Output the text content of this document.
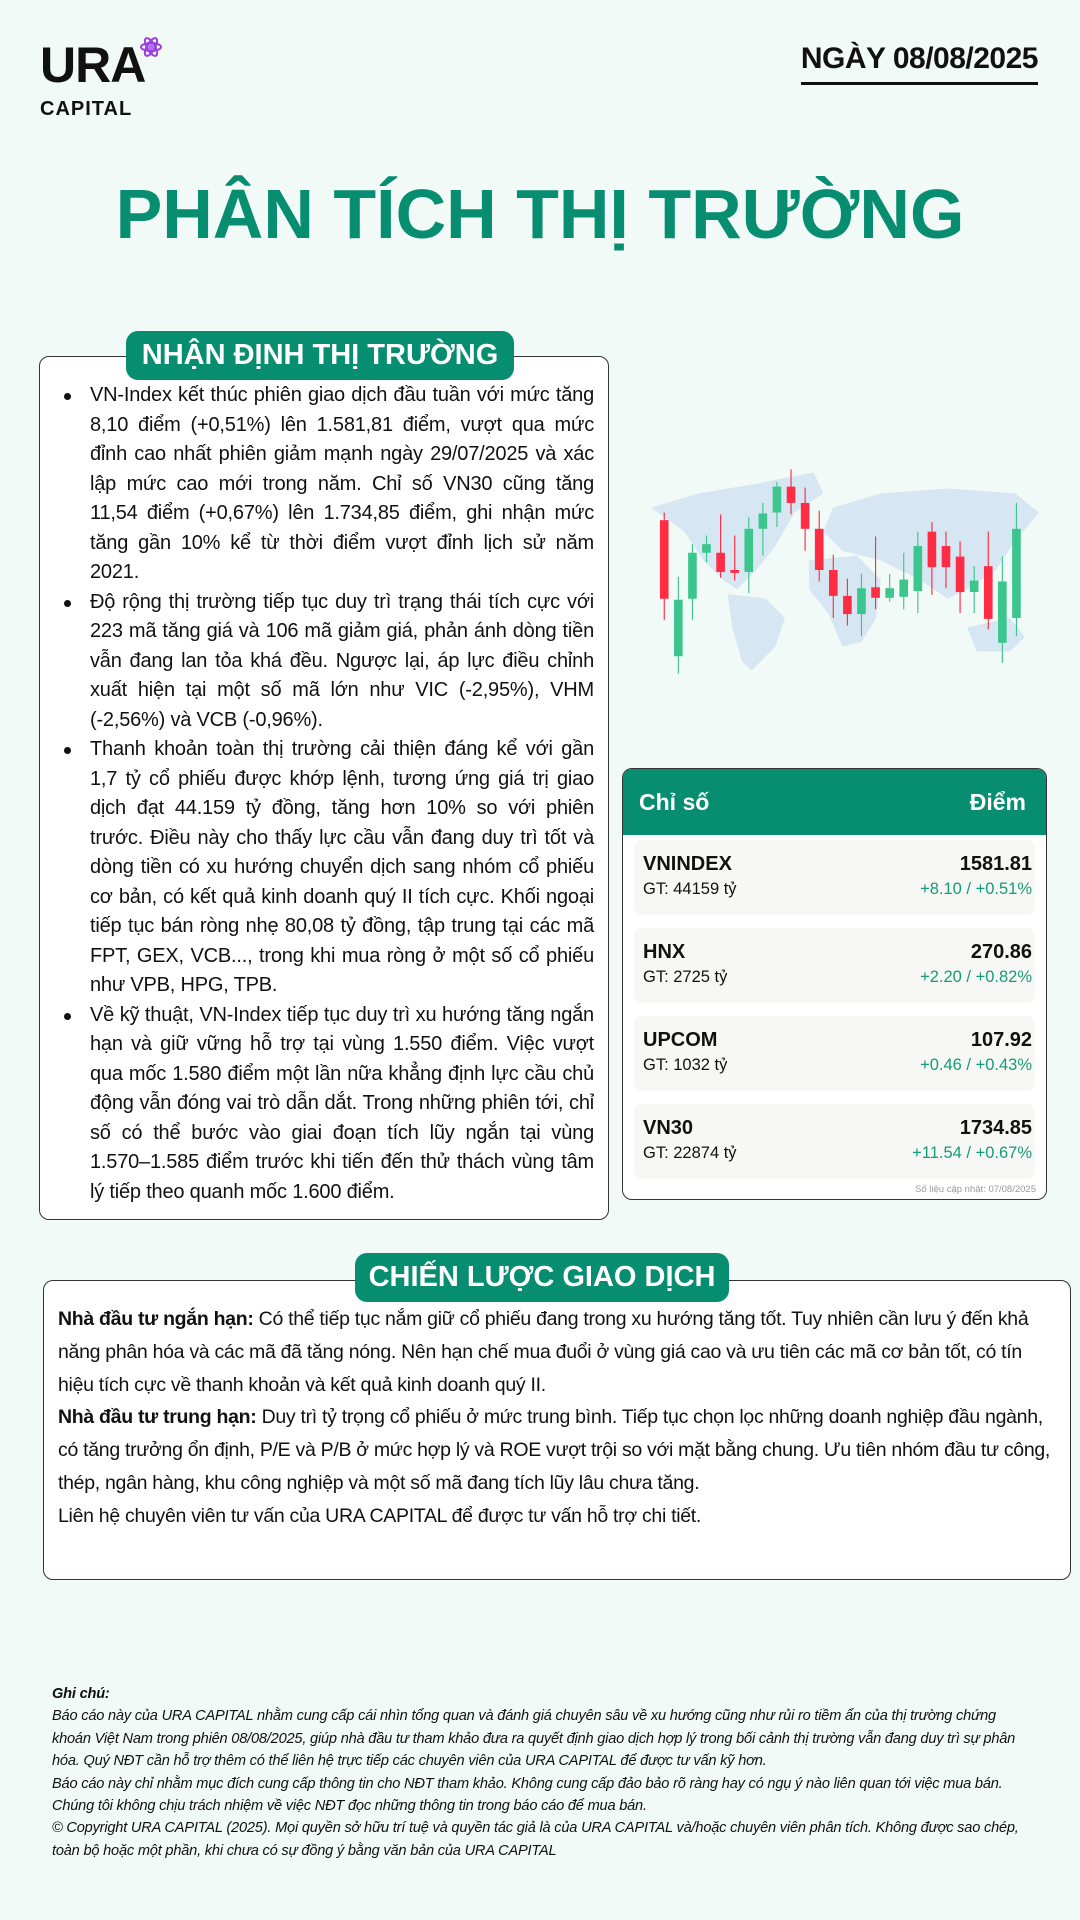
URA
CAPITAL
NGÀY 08/08/2025
PHÂN TÍCH THỊ TRƯỜNG
VN-Index kết thúc phiên giao dịch đầu tuần với mức tăng 8,10 điểm (+0,51%) lên 1.581,81 điểm, vượt qua mức đỉnh cao nhất phiên giảm mạnh ngày 29/07/2025 và xác lập mức cao mới trong năm. Chỉ số VN30 cũng tăng 11,54 điểm (+0,67%) lên 1.734,85 điểm, ghi nhận mức tăng gần 10% kể từ thời điểm vượt đỉnh lịch sử năm 2021.
Độ rộng thị trường tiếp tục duy trì trạng thái tích cực với 223 mã tăng giá và 106 mã giảm giá, phản ánh dòng tiền vẫn đang lan tỏa khá đều. Ngược lại, áp lực điều chỉnh xuất hiện tại một số mã lớn như VIC (-2,95%), VHM (-2,56%) và VCB (-0,96%).
Thanh khoản toàn thị trường cải thiện đáng kể với gần 1,7 tỷ cổ phiếu được khớp lệnh, tương ứng giá trị giao dịch đạt 44.159 tỷ đồng, tăng hơn 10% so với phiên trước. Điều này cho thấy lực cầu vẫn đang duy trì tốt và dòng tiền có xu hướng chuyển dịch sang nhóm cổ phiếu cơ bản, có kết quả kinh doanh quý II tích cực. Khối ngoại tiếp tục bán ròng nhẹ 80,08 tỷ đồng, tập trung tại các mã FPT, GEX, VCB..., trong khi mua ròng ở một số cổ phiếu như VPB, HPG, TPB.
Về kỹ thuật, VN-Index tiếp tục duy trì xu hướng tăng ngắn hạn và giữ vững hỗ trợ tại vùng 1.550 điểm. Việc vượt qua mốc 1.580 điểm một lần nữa khẳng định lực cầu chủ động vẫn đóng vai trò dẫn dắt. Trong những phiên tới, chỉ số có thể bước vào giai đoạn tích lũy ngắn tại vùng 1.570–1.585 điểm trước khi tiến đến thử thách vùng tâm lý tiếp theo quanh mốc 1.600 điểm.
NHẬN ĐỊNH THỊ TRƯỜNG
Chỉ số	Điểm
VNINDEX
GT: 44159 tỷ
1581.81
+8.10 / +0.51%
HNX
GT: 2725 tỷ
270.86
+2.20 / +0.82%
UPCOM
GT: 1032 tỷ
107.92
+0.46 / +0.43%
VN30
GT: 22874 tỷ
1734.85
+11.54 / +0.67%
Số liệu cập nhật: 07/08/2025
Nhà đầu tư ngắn hạn: Có thể tiếp tục nắm giữ cổ phiếu đang trong xu hướng tăng tốt. Tuy nhiên cần lưu ý đến khả năng phân hóa và các mã đã tăng nóng. Nên hạn chế mua đuổi ở vùng giá cao và ưu tiên các mã cơ bản tốt, có tín hiệu tích cực về thanh khoản và kết quả kinh doanh quý II.
Nhà đầu tư trung hạn: Duy trì tỷ trọng cổ phiếu ở mức trung bình. Tiếp tục chọn lọc những doanh nghiệp đầu ngành, có tăng trưởng ổn định, P/E và P/B ở mức hợp lý và ROE vượt trội so với mặt bằng chung. Ưu tiên nhóm đầu tư công, thép, ngân hàng, khu công nghiệp và một số mã đang tích lũy lâu chưa tăng.
Liên hệ chuyên viên tư vấn của URA CAPITAL để được tư vấn hỗ trợ chi tiết.
CHIẾN LƯỢC GIAO DỊCH
Ghi chú:
Báo cáo này của URA CAPITAL nhằm cung cấp cái nhìn tổng quan và đánh giá chuyên sâu về xu hướng cũng như rủi ro tiềm ẩn của thị trường chứng khoán Việt Nam trong phiên 08/08/2025, giúp nhà đầu tư tham khảo đưa ra quyết định giao dịch hợp lý trong bối cảnh thị trường vẫn đang duy trì sự phân hóa. Quý NĐT cần hỗ trợ thêm có thể liên hệ trực tiếp các chuyên viên của URA CAPITAL để được tư vấn kỹ hơn.
Báo cáo này chỉ nhằm mục đích cung cấp thông tin cho NĐT tham khảo. Không cung cấp đảo bảo rõ ràng hay có ngụ ý nào liên quan tới việc mua bán. Chúng tôi không chịu trách nhiệm về việc NĐT đọc những thông tin trong báo cáo để mua bán.
© Copyright URA CAPITAL (2025). Mọi quyền sở hữu trí tuệ và quyền tác giả là của URA CAPITAL và/hoặc chuyên viên phân tích. Không được sao chép, toàn bộ hoặc một phần, khi chưa có sự đồng ý bằng văn bản của URA CAPITAL
